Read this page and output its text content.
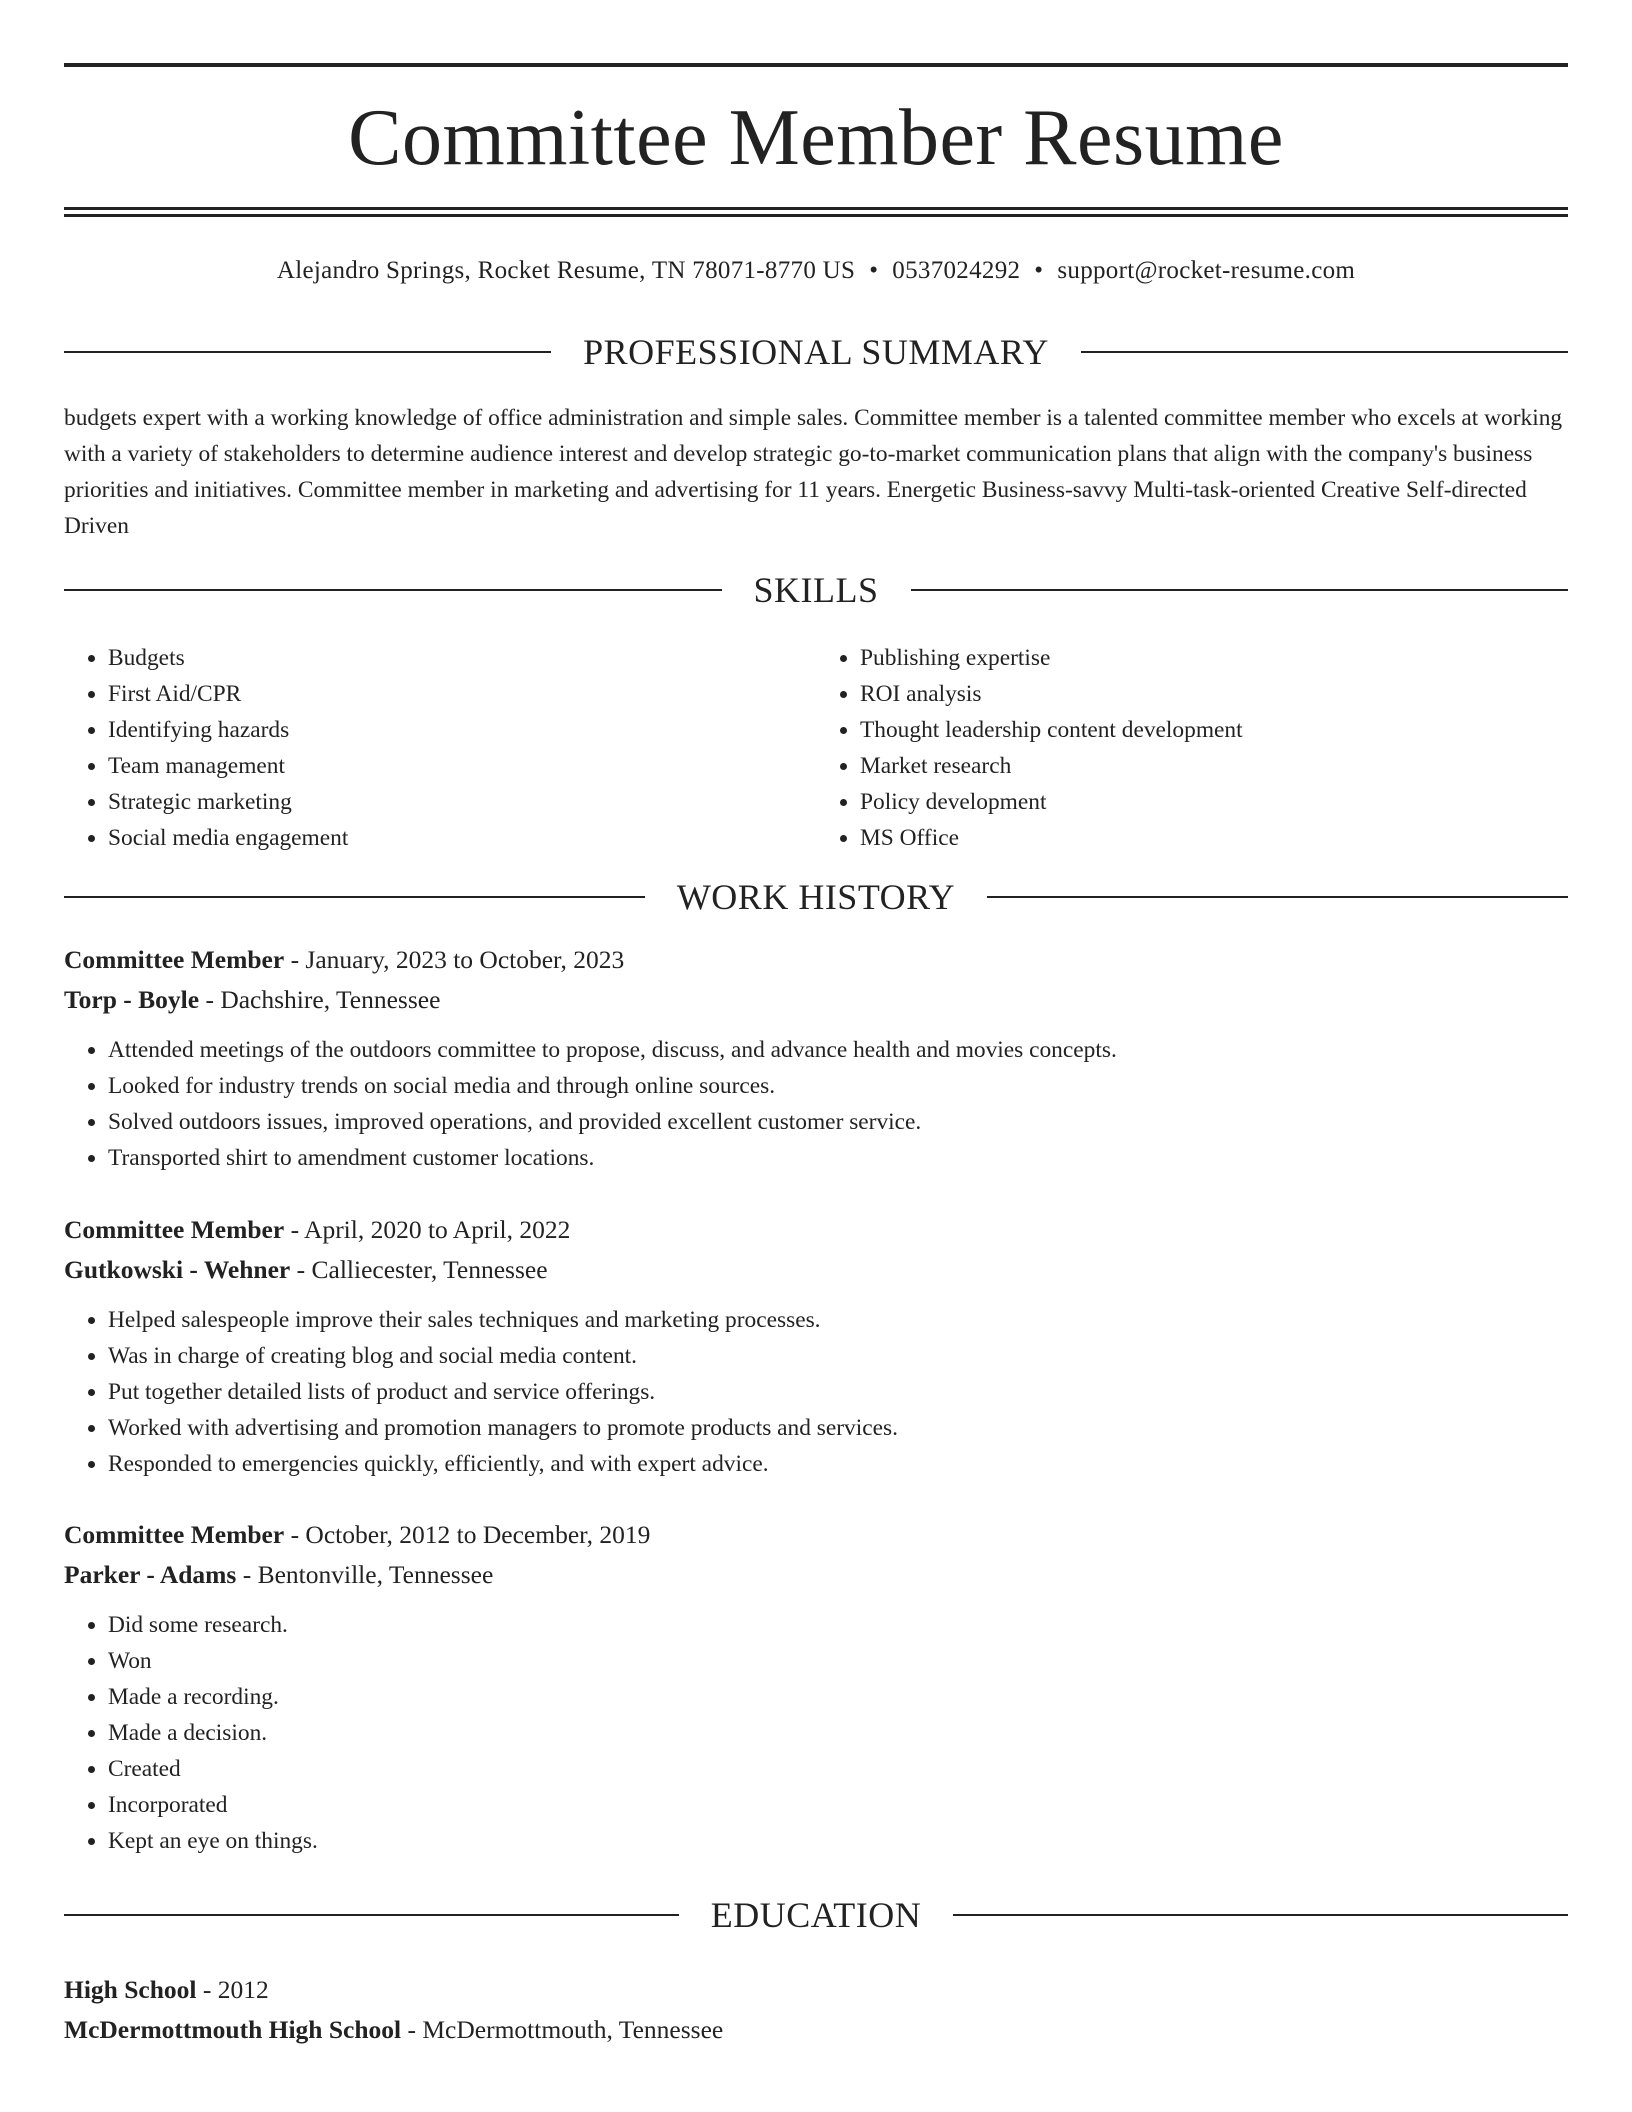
Committee Member Resume
Alejandro Springs, Rocket Resume, TN 78071-8770 US • 0537024292 • support@rocket-resume.com
PROFESSIONAL SUMMARY

budgets expert with a working knowledge of office administration and simple sales. Committee member is a talented committee member who excels at working with a variety of stakeholders to determine audience interest and develop strategic go-to-market communication plans that align with the company's business priorities and initiatives. Committee member in marketing and advertising for 11 years. Energetic Business-savvy Multi-task-oriented Creative Self-directed Driven

SKILLS
• Budgets
• First Aid/CPR
• Identifying hazards
• Team management
• Strategic marketing
• Social media engagement
• Publishing expertise
• ROI analysis
• Thought leadership content development
• Market research
• Policy development
• MS Office
WORK HISTORY

Committee Member - January, 2023 to October, 2023

Torp - Boyle - Dachshire, Tennessee

• Attended meetings of the outdoors committee to propose, discuss, and advance health and movies concepts.
• Looked for industry trends on social media and through online sources.
• Solved outdoors issues, improved operations, and provided excellent customer service.
• Transported shirt to amendment customer locations.

Committee Member - April, 2020 to April, 2022

Gutkowski - Wehner - Calliecester, Tennessee

• Helped salespeople improve their sales techniques and marketing processes.
• Was in charge of creating blog and social media content.
• Put together detailed lists of product and service offerings.
• Worked with advertising and promotion managers to promote products and services.
• Responded to emergencies quickly, efficiently, and with expert advice.

Committee Member - October, 2012 to December, 2019

Parker - Adams - Bentonville, Tennessee

• Did some research.
• Won
• Made a recording.
• Made a decision.
• Created
• Incorporated
• Kept an eye on things.
EDUCATION

High School - 2012

McDermottmouth High School - McDermottmouth, Tennessee
